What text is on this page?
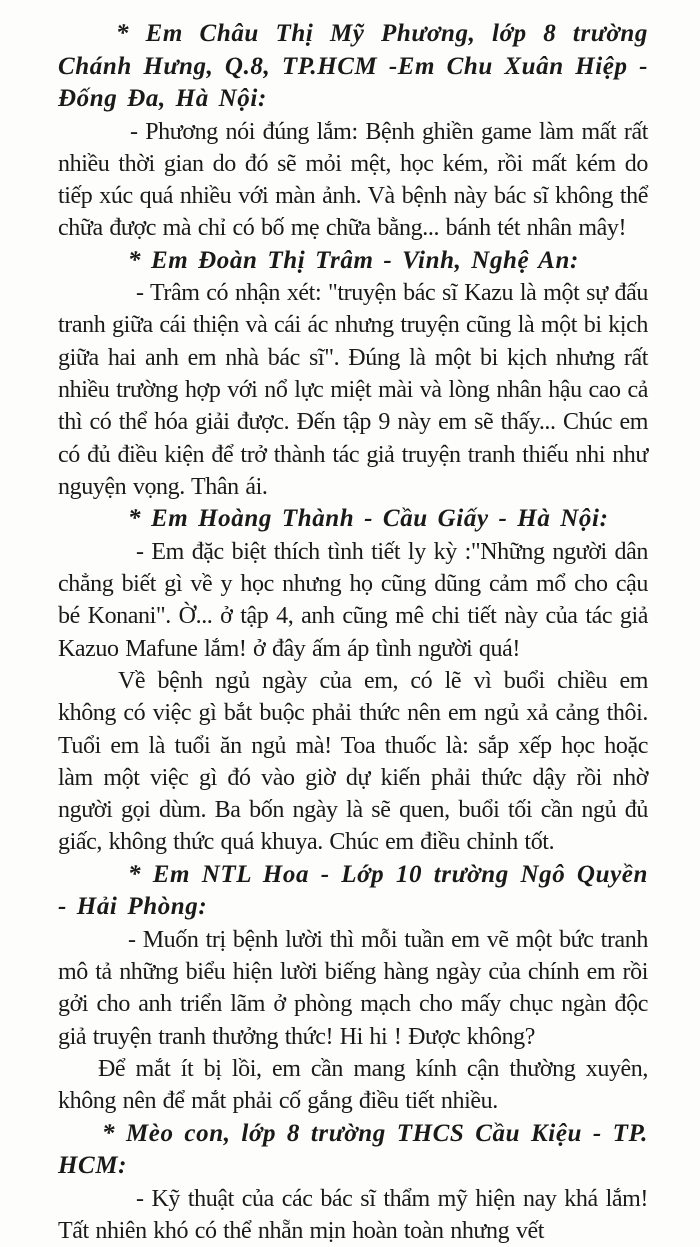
* Em Châu Thị Mỹ Phương, lớp 8 trường Chánh Hưng, Q.8, TP.HCM -Em Chu Xuân Hiệp - Đống Đa, Hà Nội:

- Phương nói đúng lắm: Bệnh ghiền game làm mất rất nhiều thời gian do đó sẽ mỏi mệt, học kém, rồi mất kém do tiếp xúc quá nhiều với màn ảnh. Và bệnh này bác sĩ không thể chữa được mà chỉ có bố mẹ chữa bằng... bánh tét nhân mây!

* Em Đoàn Thị Trâm - Vinh, Nghệ An:

- Trâm có nhận xét: "truyện bác sĩ Kazu là một sự đấu tranh giữa cái thiện và cái ác nhưng truyện cũng là một bi kịch giữa hai anh em nhà bác sĩ". Đúng là một bi kịch nhưng rất nhiều trường hợp với nổ lực miệt mài và lòng nhân hậu cao cả thì có thể hóa giải được. Đến tập 9 này em sẽ thấy... Chúc em có đủ điều kiện để trở thành tác giả truyện tranh thiếu nhi như nguyện vọng. Thân ái.

* Em Hoàng Thành - Cầu Giấy - Hà Nội:

- Em đặc biệt thích tình tiết ly kỳ :"Những người dân chẳng biết gì về y học nhưng họ cũng dũng cảm mổ cho cậu bé Konani". Ờ... ở tập 4, anh cũng mê chi tiết này của tác giả Kazuo Mafune lắm! ở đây ấm áp tình người quá!

Về bệnh ngủ ngày của em, có lẽ vì buổi chiều em không có việc gì bắt buộc phải thức nên em ngủ xả cảng thôi. Tuổi em là tuổi ăn ngủ mà! Toa thuốc là: sắp xếp học hoặc làm một việc gì đó vào giờ dự kiến phải thức dậy rồi nhờ người gọi dùm. Ba bốn ngày là sẽ quen, buổi tối cần ngủ đủ giấc, không thức quá khuya. Chúc em điều chỉnh tốt.

* Em NTL Hoa - Lớp 10 trường Ngô Quyền - Hải Phòng:

- Muốn trị bệnh lười thì mỗi tuần em vẽ một bức tranh mô tả những biểu hiện lười biếng hàng ngày của chính em rồi gởi cho anh triển lãm ở phòng mạch cho mấy chục ngàn độc giả truyện tranh thưởng thức! Hi hi ! Được không?

Để mắt ít bị lồi, em cần mang kính cận thường xuyên, không nên để mắt phải cố gắng điều tiết nhiều.

* Mèo con, lớp 8 trường THCS Cầu Kiệu - TP. HCM:

- Kỹ thuật của các bác sĩ thẩm mỹ hiện nay khá lắm! Tất nhiên khó có thể nhẵn mịn hoàn toàn nhưng vết
